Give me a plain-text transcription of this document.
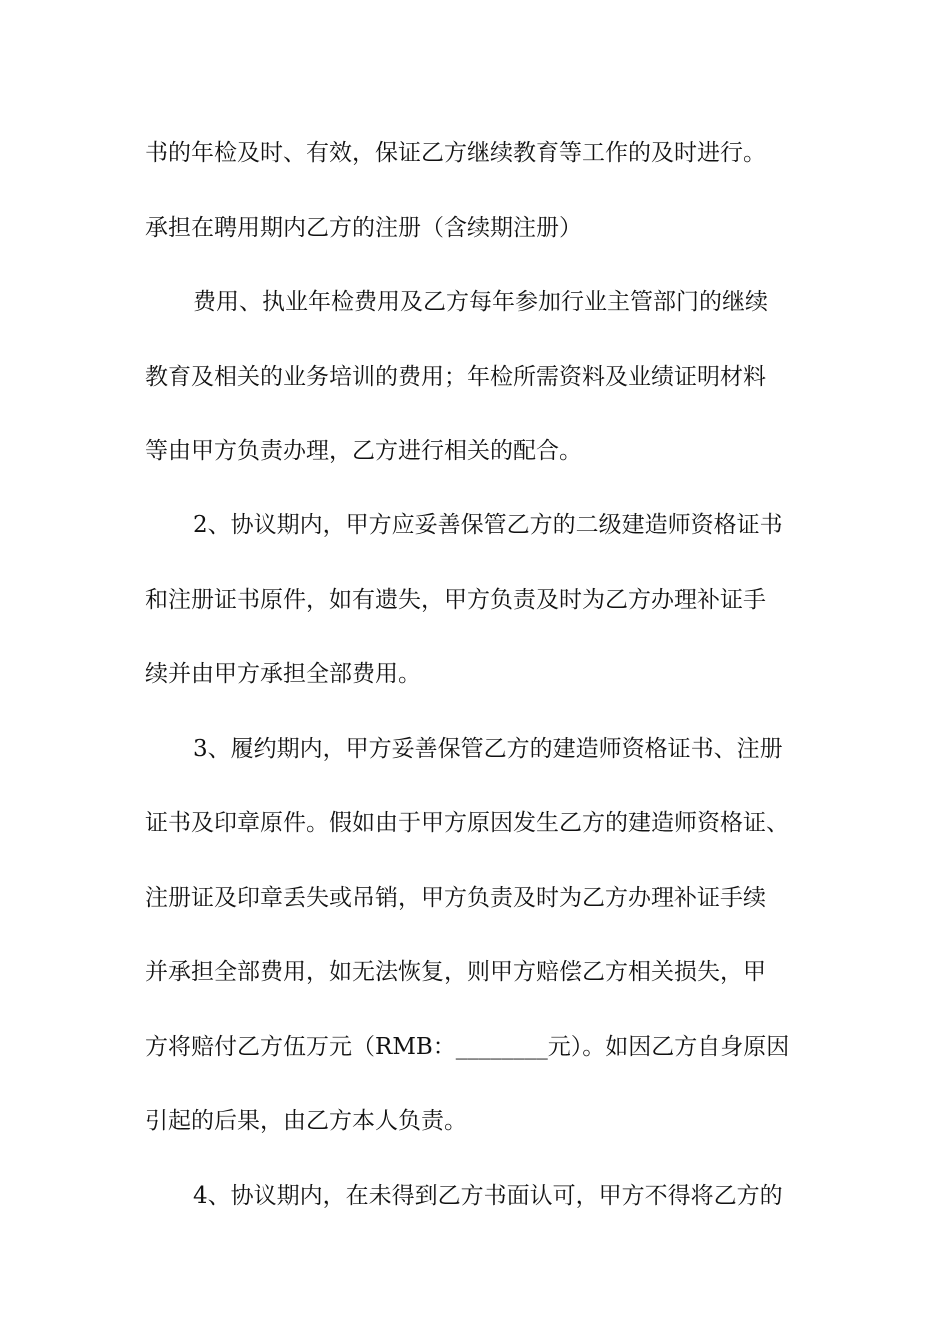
书的年检及时、有效，保证乙方继续教育等工作的及时进行。
承担在聘用期内乙方的注册（含续期注册）
费用、执业年检费用及乙方每年参加行业主管部门的继续
教育及相关的业务培训的费用；年检所需资料及业绩证明材料
等由甲方负责办理，乙方进行相关的配合。
2、协议期内，甲方应妥善保管乙方的二级建造师资格证书
和注册证书原件，如有遗失，甲方负责及时为乙方办理补证手
续并由甲方承担全部费用。
3、履约期内，甲方妥善保管乙方的建造师资格证书、注册
证书及印章原件。假如由于甲方原因发生乙方的建造师资格证、
注册证及印章丢失或吊销，甲方负责及时为乙方办理补证手续
并承担全部费用，如无法恢复，则甲方赔偿乙方相关损失，甲
方将赔付乙方伍万元（RMB：________元）。如因乙方自身原因
引起的后果，由乙方本人负责。
4、协议期内，在未得到乙方书面认可，甲方不得将乙方的
